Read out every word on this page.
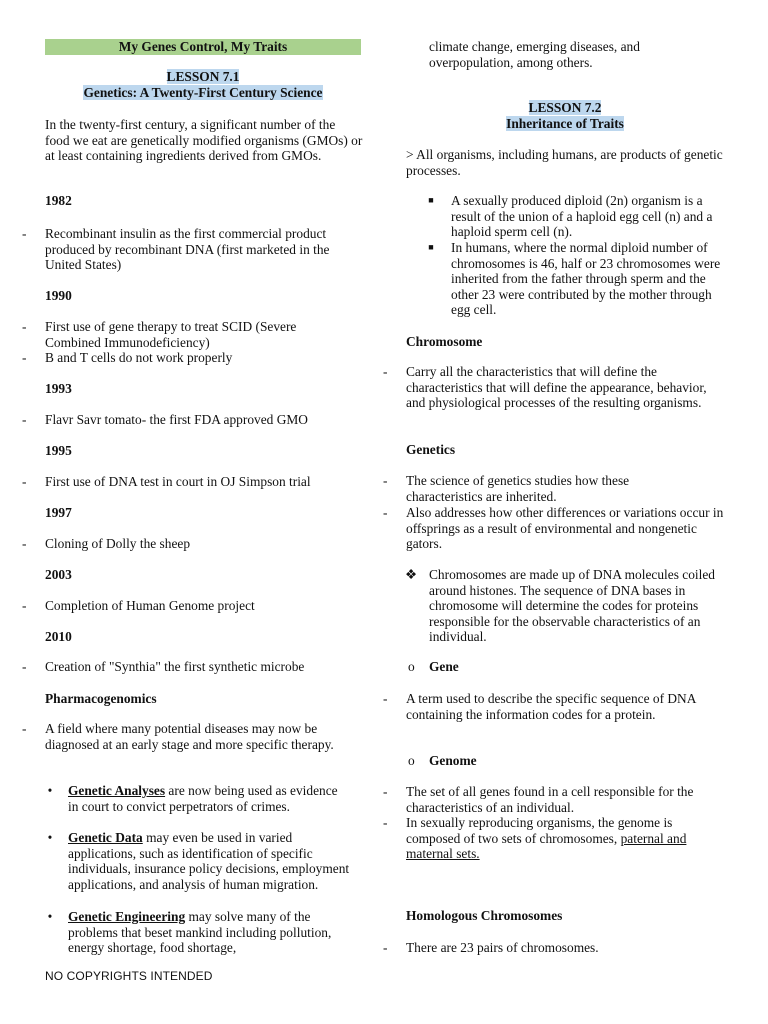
My Genes Control, My Traits
LESSON 7.1
Genetics: A Twenty-First Century Science
In the twenty-first century, a significant number of the food we eat are genetically modified organisms (GMOs) or at least containing ingredients derived from GMOs.
1982
-	Recombinant insulin as the first commercial product produced by recombinant DNA (first marketed in the United States)
1990
-	First use of gene therapy to treat SCID (Severe Combined Immunodeficiency)
-	B and T cells do not work properly
1993
-	Flavr Savr tomato- the first FDA approved GMO
1995
-	First use of DNA test in court in OJ Simpson trial
1997
-	Cloning of Dolly the sheep
2003
-	Completion of Human Genome project
2010
-	Creation of "Synthia" the first synthetic microbe
Pharmacogenomics
-	A field where many potential diseases may now be diagnosed at an early stage and more specific therapy.
• Genetic Analyses are now being used as evidence in court to convict perpetrators of crimes.
• Genetic Data may even be used in varied applications, such as identification of specific individuals, insurance policy decisions, employment applications, and analysis of human migration.
• Genetic Engineering may solve many of the problems that beset mankind including pollution, energy shortage, food shortage,
climate change, emerging diseases, and overpopulation, among others.
LESSON 7.2
Inheritance of Traits
> All organisms, including humans, are products of genetic processes.
■ A sexually produced diploid (2n) organism is a result of the union of a haploid egg cell (n) and a haploid sperm cell (n).
■ In humans, where the normal diploid number of chromosomes is 46, half or 23 chromosomes were inherited from the father through sperm and the other 23 were contributed by the mother through egg cell.
Chromosome
-	Carry all the characteristics that will define the characteristics that will define the appearance, behavior, and physiological processes of the resulting organisms.
Genetics
-	The science of genetics studies how these characteristics are inherited.
-	Also addresses how other differences or variations occur in offsprings as a result of environmental and nongenetic gators.
❖ Chromosomes are made up of DNA molecules coiled around histones. The sequence of DNA bases in chromosome will determine the codes for proteins responsible for the observable characteristics of an individual.
o Gene
-	A term used to describe the specific sequence of DNA containing the information codes for a protein.
o Genome
-	The set of all genes found in a cell responsible for the characteristics of an individual.
-	In sexually reproducing organisms, the genome is composed of two sets of chromosomes, paternal and maternal sets.
Homologous Chromosomes
-	There are 23 pairs of chromosomes.
NO COPYRIGHTS INTENDED
